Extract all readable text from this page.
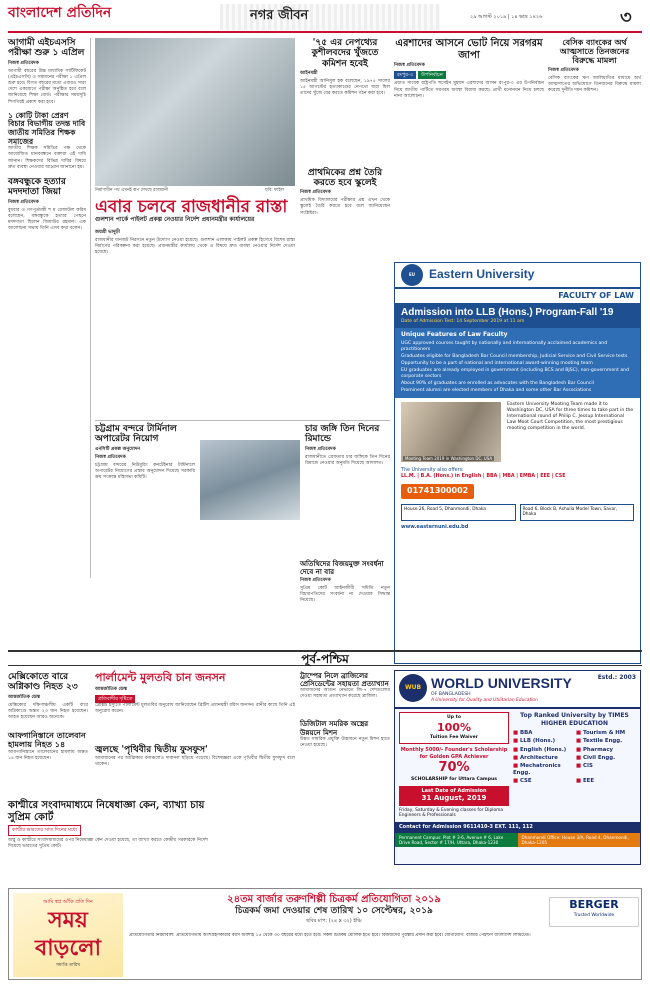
বাংলাদেশ প্রতিদিন	নগর জীবন	২৯ আগস্ট ২০১৯ | ১৪ ভাদ্র ১৪২৬	৩
আগামী এইচএসসি পরীক্ষা শুরু ১ এপ্রিল
নিজস্ব প্রতিবেদক

আগামী বছরের উচ্চ মাধ্যমিক সার্টিফিকেট (এইচএসসি) ও সমমানের পরীক্ষা ১ এপ্রিল শুরু হবে। বিগত বছরের মতো এবারও সারা দেশে একযোগে পরীক্ষা অনুষ্ঠিত হবে বলে জানিয়েছে শিক্ষা বোর্ড। পরীক্ষার সময়সূচি শিগগিরই প্রকাশ করা হবে।

১ কোটি টাকা প্রেরণ বিচার বিভাগীয় তদন্ত দাবি জাতীয় সমিতির শিক্ষক সমাজের

জাতীয় শিক্ষক সমিতির পক্ষ থেকে আয়োজিত মানববন্ধনে বক্তারা এই দাবি জানান। শিক্ষকদের বিভিন্ন দাবির বিষয়ে দ্রুত ব্যবস্থা নেওয়ার আহ্বান জানানো হয়।

বঙ্গবন্ধুকে হত্যার মদদদাতা জিয়া
নিজস্ব প্রতিবেদক

বুধবার ও গণপূর্তমন্ত্রী শ ম রেজাউল করিম বলেছেন, বঙ্গবন্ধুকে হত্যার পেছনে মদদদাতা ছিলেন জিয়াউর রহমান। এক আলোচনা সভায় তিনি এসব কথা বলেন।

নির্মাণাধীন পথ এখনই রূপ দেখছে রাজধানী	ছবি: ফাইল
এবার চলবে রাজধানীর রাস্তা
গুলশান পার্কে পাইলট প্রকল্প নেওয়ার নির্দেশ প্রধানমন্ত্রীর কার্যালয়ের
জয়শ্রী ভাদুড়ী

রাজধানীর যানজট নিরসনে নতুন উদ্যোগ নেওয়া হয়েছে। গুলশান এলাকায় পাইলট প্রকল্প হিসেবে বিশেষ রাস্তা নির্মাণের পরিকল্পনা করা হয়েছে। প্রধানমন্ত্রীর কার্যালয় থেকে এ বিষয়ে দ্রুত ব্যবস্থা নেওয়ার নির্দেশ দেওয়া হয়েছে।

'৭৫ এর নেপথ্যের কুশীলবদের খুঁজতে কমিশন হবেই
আইনমন্ত্রী

আইনমন্ত্রী আনিসুল হক বলেছেন, ১৯৭৫ সালের ১৫ আগস্টের হত্যাকাণ্ডের নেপথ্যে যারা ছিল তাদের খুঁজে বের করতে কমিশন গঠন করা হবে।

প্রাথমিকের প্রশ্ন তৈরি করতে হবে স্কুলেই
নিজস্ব প্রতিবেদক

প্রাথমিক বিদ্যালয়ের পরীক্ষার প্রশ্ন এখন থেকে স্কুলেই তৈরি করতে হবে বলে জানিয়েছেন সংশ্লিষ্টরা।

এরশাদের আসনে ভোট নিয়ে সরগরম জাপা
নিজস্ব প্রতিবেদক
রংপুর-৩	উপনির্বাচন

প্রয়াত সাবেক রাষ্ট্রপতি হুসেইন মুহম্মদ এরশাদের আসন রংপুর-৩ এর উপনির্বাচন নিয়ে জাতীয় পার্টিতে সরগরম অবস্থা বিরাজ করছে। প্রার্থী মনোনয়ন নিয়ে চলছে নানা আলোচনা।

বেসিক ব্যাংকের অর্থ আত্মসাতে তিনজনের বিরুদ্ধে মামলা
নিজস্ব প্রতিবেদক

বেসিক ব্যাংকের ঋণ জালিয়াতির মাধ্যমে অর্থ আত্মসাতের অভিযোগে তিনজনের বিরুদ্ধে মামলা করেছে দুর্নীতি দমন কমিশন।

চট্টগ্রাম বন্দরে টার্মিনাল অপারেটর নিয়োগ
এনসিটি প্রকল্প অনুমোদন
নিজস্ব প্রতিবেদক

চট্টগ্রাম বন্দরের নিউমুরিং কনটেইনার টার্মিনালে অপারেটর নিয়োগের প্রস্তাব অনুমোদন দিয়েছে সরকারি ক্রয় সংক্রান্ত মন্ত্রিসভা কমিটি।

চার জঙ্গি তিন দিনের রিমান্ডে
নিজস্ব প্রতিবেদক

রাজধানীতে গ্রেফতার চার জঙ্গিকে তিন দিনের রিমান্ডে নেওয়ার অনুমতি দিয়েছে আদালত।

অতিথিদের বিজয়মুক্ত সংবর্ধনা দেবে না বার
নিজস্ব প্রতিবেদক

সুপ্রিম কোর্ট আইনজীবী সমিতি নতুন বিচারপতিদের সংবর্ধনা না দেওয়ার সিদ্ধান্ত নিয়েছে।

EU	Eastern University
FACULTY OF LAW
Admission into LLB (Hons.) Program-Fall '19
Date of Admission Test: 14 September 2019 at 11 am
Unique Features of Law Faculty
UGC approved courses taught by nationally and internationally acclaimed academics and practitioners
Graduates eligible for Bangladesh Bar Council membership, Judicial Service and Civil Service tests
Opportunity to be a part of national and international award-winning mooting team
EU graduates are already employed in government (including BCS and BJSC), non-government and corporate sectors
About 90% of graduates are enrolled as advocates with the Bangladesh Bar Council
Prominent alumni are elected members of Dhaka and some other Bar Associations
Mooting Team 2019 in Washington DC, USA

Eastern University Mooting Team made it to Washington DC, USA for three times to take part in the International round of Philip C. Jessup International Law Moot Court Competition, the most prestigious mooting competition in the world.

The University also offers:
LL.M. | B.A. (Hons.) in English | BBA | MBA | EMBA | EEE | CSE
01741300002
House 26, Road 5, Dhanmondi, Dhaka	Road 6, Block B, Ashulia Model Town, Savar, Dhaka
www.easternuni.edu.bd
পূর্ব-পশ্চিম
মেক্সিকোতে বারে অগ্নিকাণ্ড নিহত ২৩
আন্তর্জাতিক ডেস্ক

মেক্সিকোর দক্ষিণাঞ্চলীয় একটি বারে অগ্নিকাণ্ডে অন্তত ২৩ জন নিহত হয়েছেন। আহত হয়েছেন আরও অনেকে।

আফগানিস্তানে তালেবান হামলায় নিহত ১৪

আফগানিস্তানে তালেবানের হামলায় অন্তত ১৪ জন নিহত হয়েছেন।

পার্লামেন্ট মুলতবি চান জনসন
আন্তর্জাতিক ডেস্ক
প্রতিবাদীর দৃষ্টিতে

ব্রেক্সিট ইস্যুতে পার্লামেন্ট মুলতবির অনুরোধ জানিয়েছেন ব্রিটিশ প্রধানমন্ত্রী বরিস জনসন। রানীর কাছে তিনি এই অনুরোধ করেন।

জ্বলছে 'পৃথিবীর দ্বিতীয় ফুসফুস'

আমাজনের পর আফ্রিকার বনাঞ্চলেও দাবানল ছড়িয়ে পড়েছে। বিশেষজ্ঞরা একে পৃথিবীর দ্বিতীয় ফুসফুস বলে থাকেন।

ট্রাম্পের নিলে ব্রাজিলের প্রেসিডেন্টের সহায়তা প্রত্যাখ্যান

আমাজনের আগুন নেভাতে জি-৭ দেশগুলোর দেওয়া সহায়তা প্রত্যাখ্যান করেছে ব্রাজিল।

ডিজিটাল সমরিক অস্ত্রের উন্নয়নে মিশন

উন্নত সামরিক প্রযুক্তি উদ্ভাবনে নতুন মিশন হাতে নেওয়া হয়েছে।

কাশ্মীরে সংবাদমাধ্যমে নিষেধাজ্ঞা কেন, ব্যাখ্যা চায় সুপ্রিম কোর্ট
কাশ্মীর ভারতের সাত দিনের মধ্যে

জম্মু ও কাশ্মীরে সংবাদমাধ্যমের ওপর নিষেধাজ্ঞা কেন দেওয়া হয়েছে, তা ব্যাখ্যা করতে কেন্দ্রীয় সরকারকে নির্দেশ দিয়েছে ভারতের সুপ্রিম কোর্ট।

WUB WORLD UNIVERSITY
OF BANGLADESH
A University for Quality and Utilitarian Education
Estd.: 2003
Up to
100%
Tuition Fee Waiver
Monthly 5000/- Founder's Scholarship for Golden GPA Achiever
70%
SCHOLARSHIP for Uttara Campus
Last Date of Admission
31 August, 2019
Friday, Saturday & Evening classes for Diploma Engineers & Professionals
Top Ranked University by TIMES HIGHER EDUCATION
■ BBA	■ Tourism & HM
■ LLB (Hons.)	■ Textile Engg.
■ English (Hons.)	■ Pharmacy
■ Architecture	■ Civil Engg.
■ Mechatronics Engg.
■ CIS
■ CSE	■ EEE
Contact for Admission 9611410-3 EXT. 111, 112
Permanent Campus: Plot # 3-6, Avenue # 6, Lake Drive Road, Sector # 17/H, Uttara, Dhaka-1230
Dhanmondi Office: House 3/A, Road 4, Dhanmondi, Dhaka-1205
আমি স্বপ্ন আঁকি প্রতি দিন
সময় বাড়লো
সমাপ্তি তারিখ
২৪তম বার্জার তরুণশিল্পী চিত্রকর্ম প্রতিযোগিতা ২০১৯
চিত্রকর্ম জমা দেওয়ার শেষ তারিখ ১০ সেপ্টেম্বর, ২০১৯
ছবির মাপ: (২৪ x ৩২) ইঞ্চি
BERGER
Trusted Worldwide
প্রতিযোগিতার নিয়মাবলি: প্রতিযোগিতায় অংশগ্রহণকারীর বয়স অবশ্যই ১৫ থেকে ৩০ বছরের মধ্যে হতে হবে। সকল চিত্রকর্ম মৌলিক হতে হবে। বিজয়ীদের পুরস্কার প্রদান করা হবে। যোগাযোগ: বার্জার পেইন্টস বাংলাদেশ লিমিটেড।
